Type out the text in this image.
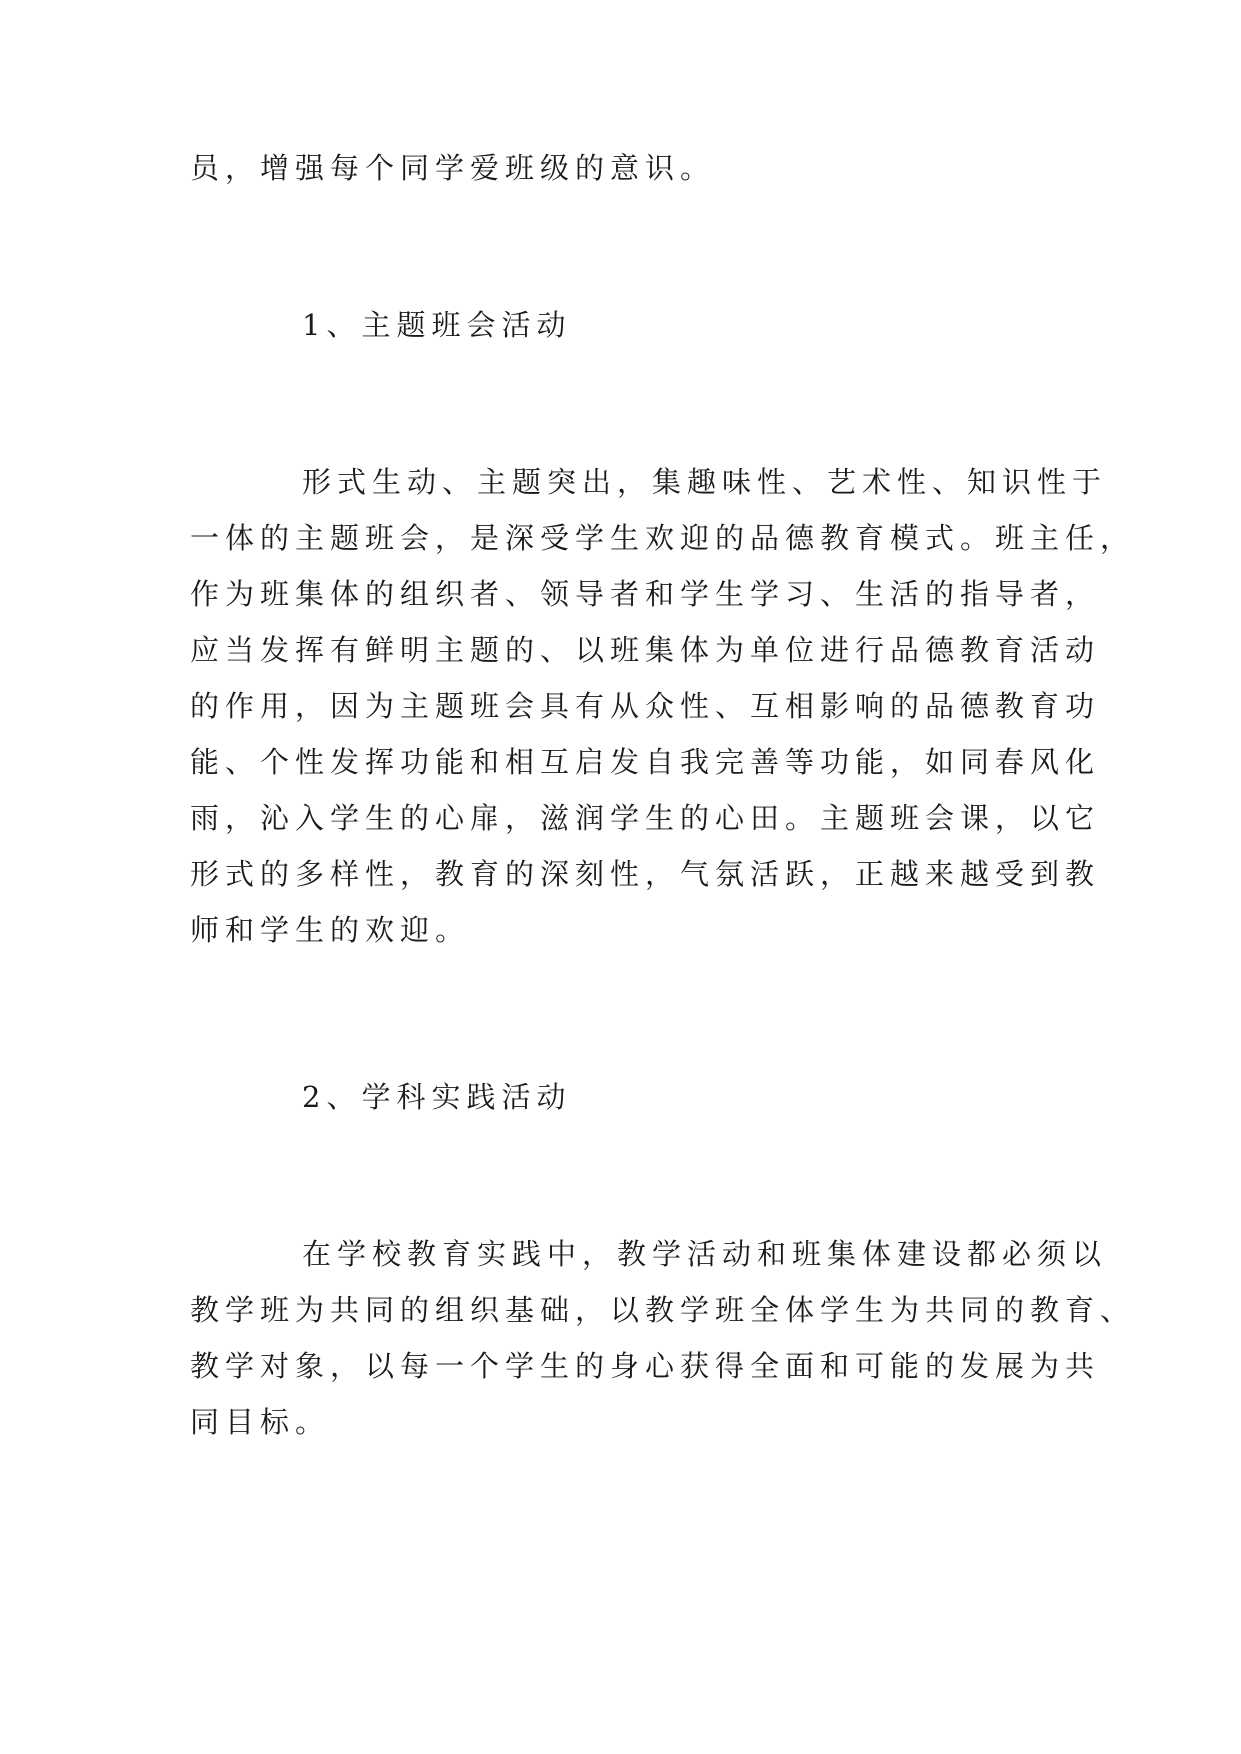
员，增强每个同学爱班级的意识。
1、主题班会活动
形式生动、主题突出，集趣味性、艺术性、知识性于
一体的主题班会，是深受学生欢迎的品德教育模式。班主任，
作为班集体的组织者、领导者和学生学习、生活的指导者，
应当发挥有鲜明主题的、以班集体为单位进行品德教育活动
的作用，因为主题班会具有从众性、互相影响的品德教育功
能、个性发挥功能和相互启发自我完善等功能，如同春风化
雨，沁入学生的心扉，滋润学生的心田。主题班会课，以它
形式的多样性，教育的深刻性，气氛活跃，正越来越受到教
师和学生的欢迎。
2、学科实践活动
在学校教育实践中，教学活动和班集体建设都必须以
教学班为共同的组织基础，以教学班全体学生为共同的教育、
教学对象，以每一个学生的身心获得全面和可能的发展为共
同目标。
